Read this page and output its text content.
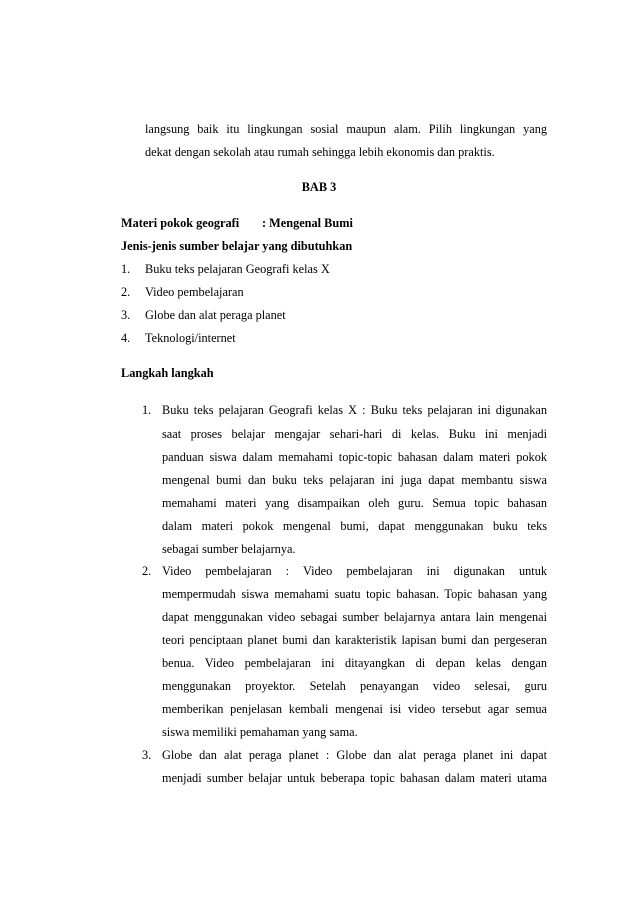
langsung baik itu lingkungan sosial maupun alam. Pilih lingkungan yang
dekat dengan sekolah atau rumah sehingga lebih ekonomis dan praktis.
BAB 3
Materi pokok geografi : Mengenal Bumi
Jenis-jenis sumber belajar yang dibutuhkan
1. Buku teks pelajaran Geografi kelas X
2. Video pembelajaran
3. Globe dan alat peraga planet
4. Teknologi/internet
Langkah langkah
1. Buku teks pelajaran Geografi kelas X : Buku teks pelajaran ini digunakan
saat proses belajar mengajar sehari-hari di kelas. Buku ini menjadi
panduan siswa dalam memahami topic-topic bahasan dalam materi pokok
mengenal bumi dan buku teks pelajaran ini juga dapat membantu siswa
memahami materi yang disampaikan oleh guru. Semua topic bahasan
dalam materi pokok mengenal bumi, dapat menggunakan buku teks
sebagai sumber belajarnya.
2. Video pembelajaran : Video pembelajaran ini digunakan untuk
mempermudah siswa memahami suatu topic bahasan. Topic bahasan yang
dapat menggunakan video sebagai sumber belajarnya antara lain mengenai
teori penciptaan planet bumi dan karakteristik lapisan bumi dan pergeseran
benua. Video pembelajaran ini ditayangkan di depan kelas dengan
menggunakan proyektor. Setelah penayangan video selesai, guru
memberikan penjelasan kembali mengenai isi video tersebut agar semua
siswa memiliki pemahaman yang sama.
3. Globe dan alat peraga planet : Globe dan alat peraga planet ini dapat
menjadi sumber belajar untuk beberapa topic bahasan dalam materi utama
